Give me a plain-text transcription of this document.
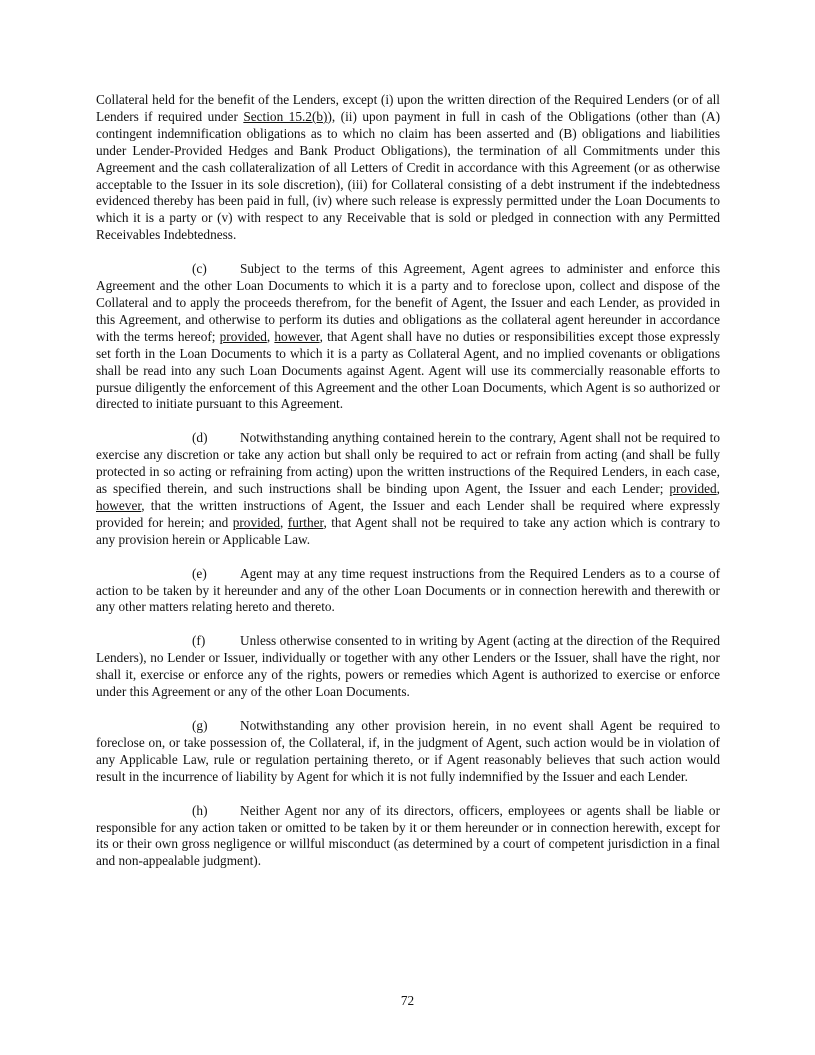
Collateral held for the benefit of the Lenders, except (i) upon the written direction of the Required Lenders (or of all Lenders if required under Section 15.2(b)), (ii) upon payment in full in cash of the Obligations (other than (A) contingent indemnification obligations as to which no claim has been asserted and (B) obligations and liabilities under Lender-Provided Hedges and Bank Product Obligations), the termination of all Commitments under this Agreement and the cash collateralization of all Letters of Credit in accordance with this Agreement (or as otherwise acceptable to the Issuer in its sole discretion), (iii) for Collateral consisting of a debt instrument if the indebtedness evidenced thereby has been paid in full, (iv) where such release is expressly permitted under the Loan Documents to which it is a party or (v) with respect to any Receivable that is sold or pledged in connection with any Permitted Receivables Indebtedness.

(c) Subject to the terms of this Agreement, Agent agrees to administer and enforce this Agreement and the other Loan Documents to which it is a party and to foreclose upon, collect and dispose of the Collateral and to apply the proceeds therefrom, for the benefit of Agent, the Issuer and each Lender, as provided in this Agreement, and otherwise to perform its duties and obligations as the collateral agent hereunder in accordance with the terms hereof; provided, however, that Agent shall have no duties or responsibilities except those expressly set forth in the Loan Documents to which it is a party as Collateral Agent, and no implied covenants or obligations shall be read into any such Loan Documents against Agent. Agent will use its commercially reasonable efforts to pursue diligently the enforcement of this Agreement and the other Loan Documents, which Agent is so authorized or directed to initiate pursuant to this Agreement.

(d) Notwithstanding anything contained herein to the contrary, Agent shall not be required to exercise any discretion or take any action but shall only be required to act or refrain from acting (and shall be fully protected in so acting or refraining from acting) upon the written instructions of the Required Lenders, in each case, as specified therein, and such instructions shall be binding upon Agent, the Issuer and each Lender; provided, however, that the written instructions of Agent, the Issuer and each Lender shall be required where expressly provided for herein; and provided, further, that Agent shall not be required to take any action which is contrary to any provision herein or Applicable Law.

(e) Agent may at any time request instructions from the Required Lenders as to a course of action to be taken by it hereunder and any of the other Loan Documents or in connection herewith and therewith or any other matters relating hereto and thereto.

(f)	Unless otherwise consented to in writing by Agent (acting at the direction of the Required Lenders), no Lender or Issuer, individually or together with any other Lenders or the Issuer, shall have the right, nor shall it, exercise or enforce any of the rights, powers or remedies which Agent is authorized to exercise or enforce under this Agreement or any of the other Loan Documents.

(g) Notwithstanding any other provision herein, in no event shall Agent be required to foreclose on, or take possession of, the Collateral, if, in the judgment of Agent, such action would be in violation of any Applicable Law, rule or regulation pertaining thereto, or if Agent reasonably believes that such action would result in the incurrence of liability by Agent for which it is not fully indemnified by the Issuer and each Lender.

(h) Neither Agent nor any of its directors, officers, employees or agents shall be liable or responsible for any action taken or omitted to be taken by it or them hereunder or in connection herewith, except for its or their own gross negligence or willful misconduct (as determined by a court of competent jurisdiction in a final and non-appealable judgment).

72
